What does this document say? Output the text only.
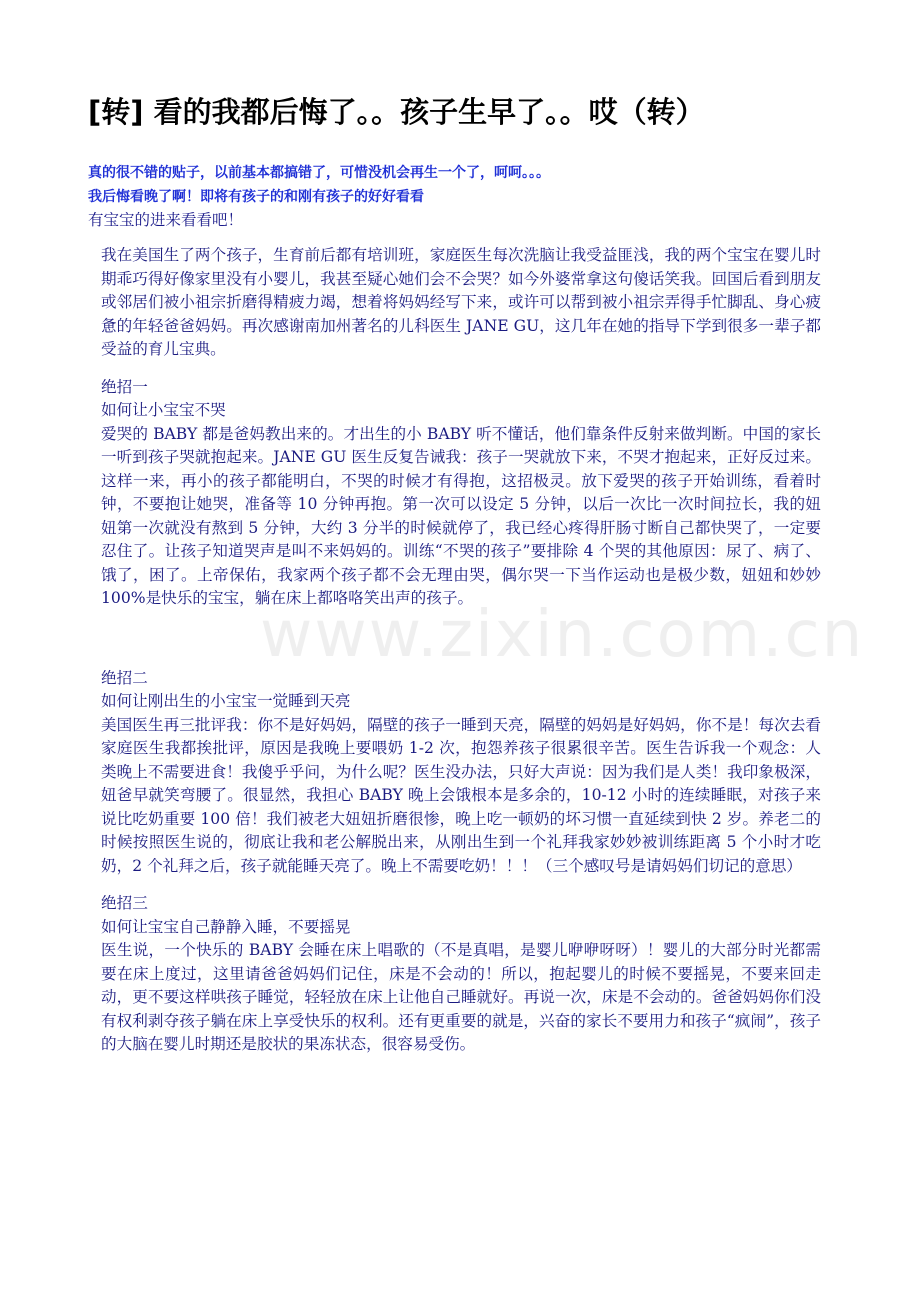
www.zixin.com.cn
[转] 看的我都后悔了。。孩子生早了。。哎（转）

真的很不错的贴子，以前基本都搞错了，可惜没机会再生一个了，呵呵。。。

我后悔看晚了啊！即将有孩子的和刚有孩子的好好看看

有宝宝的进来看看吧！

我在美国生了两个孩子，生育前后都有培训班，家庭医生每次洗脑让我受益匪浅，我的两个宝宝在婴儿时期乖巧得好像家里没有小婴儿，我甚至疑心她们会不会哭？如今外婆常拿这句傻话笑我。回国后看到朋友或邻居们被小祖宗折磨得精疲力竭，想着将妈妈经写下来，或许可以帮到被小祖宗弄得手忙脚乱、身心疲惫的年轻爸爸妈妈。再次感谢南加州著名的儿科医生 JANE GU，这几年在她的指导下学到很多一辈子都受益的育儿宝典。

绝招一

如何让小宝宝不哭

爱哭的 BABY 都是爸妈教出来的。才出生的小 BABY 听不懂话，他们靠条件反射来做判断。中国的家长一听到孩子哭就抱起来。JANE GU 医生反复告诫我：孩子一哭就放下来，不哭才抱起来，正好反过来。这样一来，再小的孩子都能明白，不哭的时候才有得抱，这招极灵。放下爱哭的孩子开始训练，看着时钟，不要抱让她哭，准备等 10 分钟再抱。第一次可以设定 5 分钟，以后一次比一次时间拉长，我的妞妞第一次就没有熬到 5 分钟，大约 3 分半的时候就停了，我已经心疼得肝肠寸断自己都快哭了，一定要忍住了。让孩子知道哭声是叫不来妈妈的。训练“不哭的孩子”要排除 4 个哭的其他原因：尿了、病了、饿了，困了。上帝保佑，我家两个孩子都不会无理由哭，偶尔哭一下当作运动也是极少数，妞妞和妙妙 100%是快乐的宝宝，躺在床上都咯咯笑出声的孩子。

绝招二

如何让刚出生的小宝宝一觉睡到天亮

美国医生再三批评我：你不是好妈妈，隔壁的孩子一睡到天亮，隔壁的妈妈是好妈妈，你不是！每次去看家庭医生我都挨批评，原因是我晚上要喂奶 1-2 次，抱怨养孩子很累很辛苦。医生告诉我一个观念：人类晚上不需要进食！我傻乎乎问，为什么呢？医生没办法，只好大声说：因为我们是人类！我印象极深，妞爸早就笑弯腰了。很显然，我担心 BABY 晚上会饿根本是多余的，10-12 小时的连续睡眠，对孩子来说比吃奶重要 100 倍！我们被老大妞妞折磨很惨，晚上吃一顿奶的坏习惯一直延续到快 2 岁。养老二的时候按照医生说的，彻底让我和老公解脱出来，从刚出生到一个礼拜我家妙妙被训练距离 5 个小时才吃奶，2 个礼拜之后，孩子就能睡天亮了。晚上不需要吃奶！！！（三个感叹号是请妈妈们切记的意思）

绝招三

如何让宝宝自己静静入睡，不要摇晃

医生说，一个快乐的 BABY 会睡在床上唱歌的（不是真唱，是婴儿咿咿呀呀）！婴儿的大部分时光都需要在床上度过，这里请爸爸妈妈们记住，床是不会动的！所以，抱起婴儿的时候不要摇晃，不要来回走动，更不要这样哄孩子睡觉，轻轻放在床上让他自己睡就好。再说一次，床是不会动的。爸爸妈妈你们没有权利剥夺孩子躺在床上享受快乐的权利。还有更重要的就是，兴奋的家长不要用力和孩子“疯闹”，孩子的大脑在婴儿时期还是胶状的果冻状态，很容易受伤。
